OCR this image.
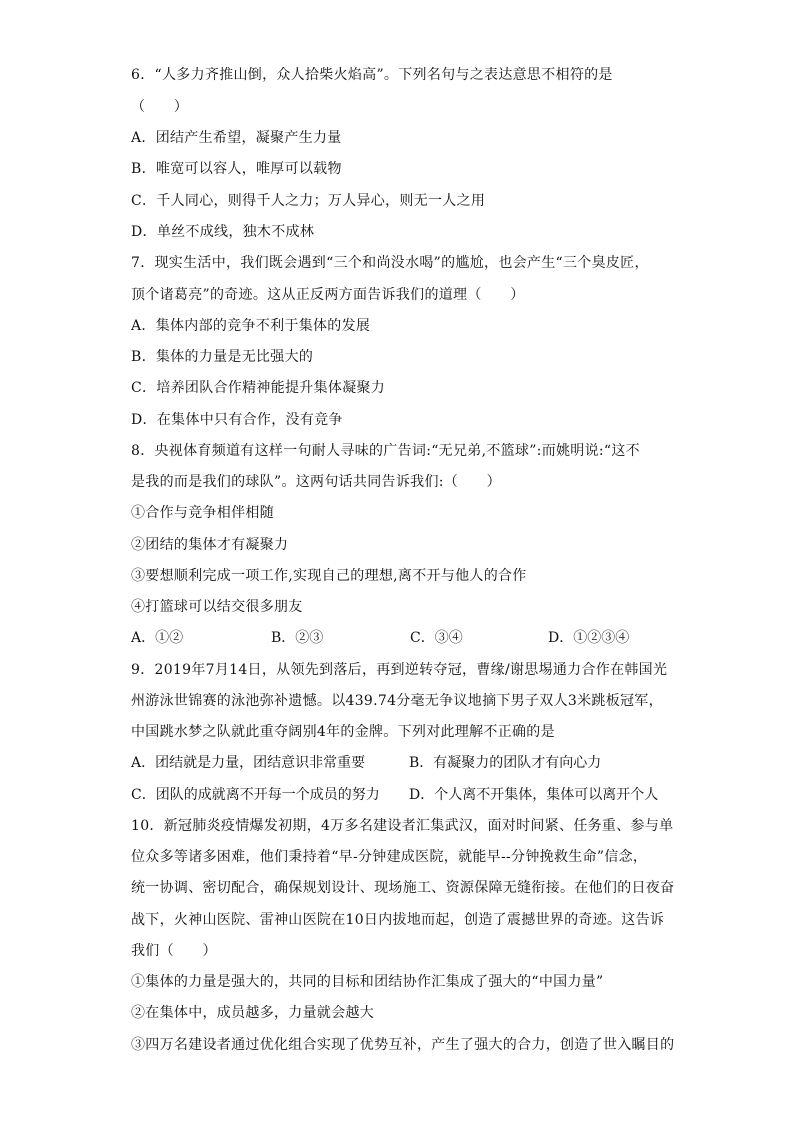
6．“人多力齐推山倒，众人拾柴火焰高”。下列名句与之表达意思不相符的是
（　　）
A．团结产生希望，凝聚产生力量
B．唯宽可以容人，唯厚可以载物
C．千人同心，则得千人之力；万人异心，则无一人之用
D．单丝不成线，独木不成林
7．现实生活中，我们既会遇到“三个和尚没水喝”的尴尬，也会产生“三个臭皮匠，
顶个诸葛亮”的奇迹。这从正反两方面告诉我们的道理（　　）
A．集体内部的竞争不利于集体的发展
B．集体的力量是无比强大的
C．培养团队合作精神能提升集体凝聚力
D．在集体中只有合作，没有竞争
8．央视体育频道有这样一句耐人寻味的广告词:“无兄弟,不篮球”:而姚明说:“这不
是我的而是我们的球队”。这两句话共同告诉我们:（　　）
①合作与竞争相伴相随
②团结的集体才有凝聚力
③要想顺利完成一项工作,实现自己的理想,离不开与他人的合作
④打篮球可以结交很多朋友
A．①②	B．②③	C．③④	D．①②③④
9．2019年7月14日，从领先到落后，再到逆转夺冠，曹缘/谢思埸通力合作在韩国光
州游泳世锦赛的泳池弥补遗憾。以439.74分毫无争议地摘下男子双人3米跳板冠军，
中国跳水梦之队就此重夺阔别4年的金牌。下列对此理解不正确的是
A．团结就是力量，团结意识非常重要	B．有凝聚力的团队才有向心力
C．团队的成就离不开每一个成员的努力 D．个人离不开集体，集体可以离开个人
10．新冠肺炎疫情爆发初期，4万多名建设者汇集武汉，面对时间紧、任务重、参与单
位众多等诸多困难，他们秉持着“早-分钟建成医院，就能早--分钟挽救生命”信念，
统一协调、密切配合，确保规划设计、现场施工、资源保障无缝衔接。在他们的日夜奋
战下，火神山医院、雷神山医院在10日内拔地而起，创造了震撼世界的奇迹。这告诉
我们（　　）
①集体的力量是强大的，共同的目标和团结协作汇集成了强大的“中国力量”
②在集体中，成员越多，力量就会越大
③四万名建设者通过优化组合实现了优势互补，产生了强大的合力，创造了世入瞩目的
